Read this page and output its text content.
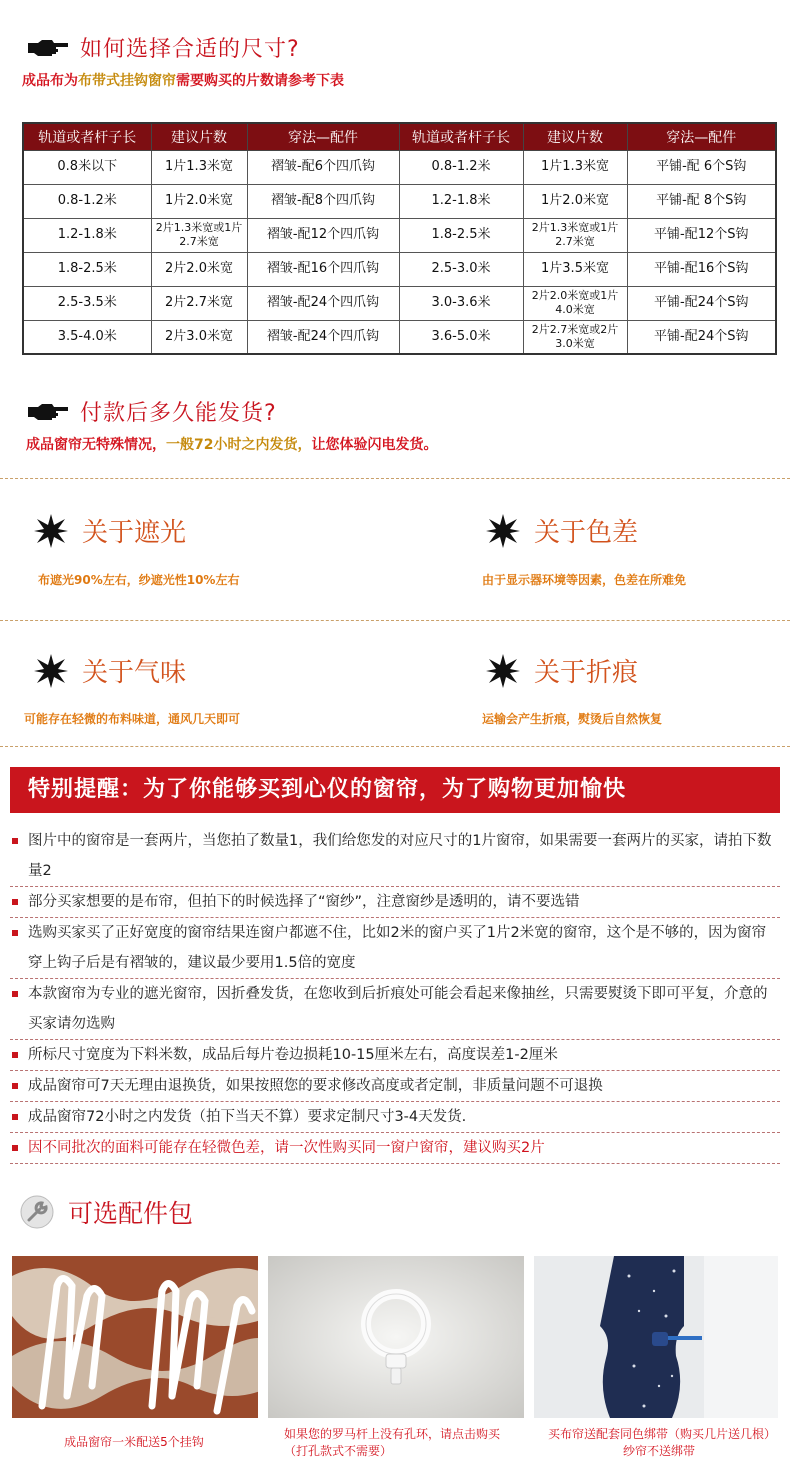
如何选择合适的尺寸?
成品布为布带式挂钩窗帘需要购买的片数请参考下表
轨道或者杆子长	建议片数	穿法—配件	轨道或者杆子长	建议片数	穿法—配件
0.8米以下	1片1.3米宽	褶皱-配6个四爪钩	0.8-1.2米	1片1.3米宽	平铺-配 6个S钩
0.8-1.2米	1片2.0米宽	褶皱-配8个四爪钩	1.2-1.8米	1片2.0米宽	平铺-配 8个S钩
1.2-1.8米	2片1.3米宽或1片2.7米宽	褶皱-配12个四爪钩	1.8-2.5米	2片1.3米宽或1片2.7米宽	平铺-配12个S钩
1.8-2.5米	2片2.0米宽	褶皱-配16个四爪钩	2.5-3.0米	1片3.5米宽	平铺-配16个S钩
2.5-3.5米	2片2.7米宽	褶皱-配24个四爪钩	3.0-3.6米	2片2.0米宽或1片4.0米宽	平铺-配24个S钩
3.5-4.0米	2片3.0米宽	褶皱-配24个四爪钩	3.6-5.0米	2片2.7米宽或2片3.0米宽	平铺-配24个S钩
付款后多久能发货?
成品窗帘无特殊情况，一般72小时之内发货，让您体验闪电发货。
关于遮光
布遮光90%左右，纱遮光性10%左右
关于色差
由于显示器环境等因素，色差在所难免
关于气味
可能存在轻微的布料味道，通风几天即可
关于折痕
运输会产生折痕，熨烫后自然恢复
特别提醒：为了你能够买到心仪的窗帘，为了购物更加愉快
图片中的窗帘是一套两片，当您拍了数量1，我们给您发的对应尺寸的1片窗帘，如果需要一套两片的买家，请拍下数量2
部分买家想要的是布帘，但拍下的时候选择了“窗纱”，注意窗纱是透明的，请不要选错
选购买家买了正好宽度的窗帘结果连窗户都遮不住，比如2米的窗户买了1片2米宽的窗帘，这个是不够的，因为窗帘穿上钩子后是有褶皱的，建议最少要用1.5倍的宽度
本款窗帘为专业的遮光窗帘，因折叠发货，在您收到后折痕处可能会看起来像抽丝，只需要熨烫下即可平复，介意的买家请勿选购
所标尺寸宽度为下料米数，成品后每片卷边损耗10-15厘米左右，高度误差1-2厘米
成品窗帘可7天无理由退换货，如果按照您的要求修改高度或者定制，非质量问题不可退换
成品窗帘72小时之内发货（拍下当天不算）要求定制尺寸3-4天发货.
因不同批次的面料可能存在轻微色差，请一次性购买同一窗户窗帘，建议购买2片
可选配件包
成品窗帘一米配送5个挂钩
如果您的罗马杆上没有孔环，请点击购买（打孔款式不需要）
买布帘送配套同色绑带（购买几片送几根）纱帘不送绑带
